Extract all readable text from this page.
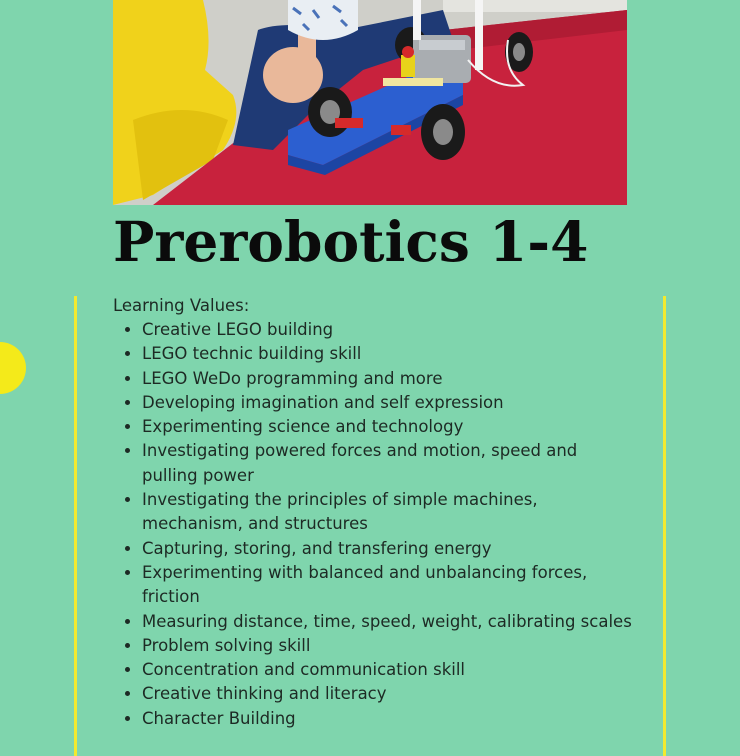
Prerobotics 1-4

Learning Values:

• Creative LEGO building
• LEGO technic building skill
• LEGO WeDo programming and more
• Developing imagination and self expression
• Experimenting science and technology
• Investigating powered forces and motion, speed and pulling power
• Investigating the principles of simple machines, mechanism, and structures
• Capturing, storing, and transfering energy
• Experimenting with balanced and unbalancing forces, friction
• Measuring distance, time, speed, weight, calibrating scales
• Problem solving skill
• Concentration and communication skill
• Creative thinking and literacy
• Character Building
